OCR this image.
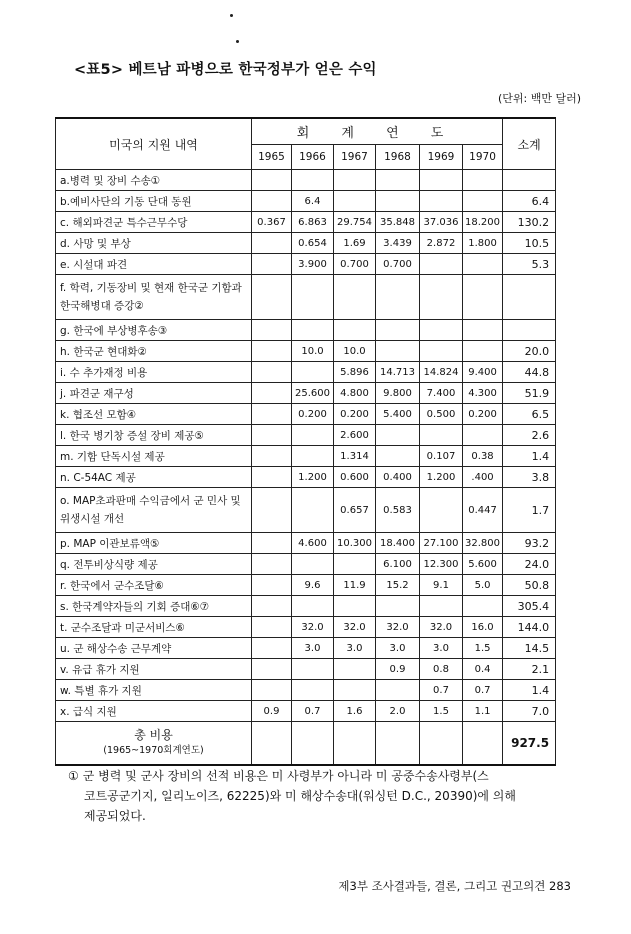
<표5> 베트남 파병으로 한국정부가 얻은 수익
(단위: 백만 달러)
미국의 지원 내역	회 계 연 도						소계
	1965	1966	1967	1968	1969	1970	
a.병력 및 장비 수송①							
b.예비사단의 기동 단대 동원		6.4					6.4
c. 해외파견군 특수근무수당	0.367	6.863	29.754	35.848	37.036	18.200	130.2
d. 사망 및 부상		0.654	1.69	3.439	2.872	1.800	10.5
e. 시설대 파견		3.900	0.700	0.700			5.3
f. 학력, 기동장비 및 현재 한국군 기함과 한국해병대 증강②							
g. 한국에 부상병후송③							
h. 한국군 현대화②		10.0	10.0				20.0
i. 수 추가재정 비용			5.896	14.713	14.824	9.400	44.8
j. 파견군 재구성		25.600	4.800	9.800	7.400	4.300	51.9
k. 협조선 모함④		0.200	0.200	5.400	0.500	0.200	6.5
l. 한국 병기창 증설 장비 제공⑤			2.600				2.6
m. 기함 단독시설 제공			1.314		0.107	0.38	1.4
n. C-54AC 제공		1.200	0.600	0.400	1.200	.400	3.8
o. MAP초과판매 수익금에서 군 민사 및 위생시설 개선			0.657	0.583		0.447	1.7
p. MAP 이관보류액⑤		4.600	10.300	18.400	27.100	32.800	93.2
q. 전투비상식량 제공				6.100	12.300	5.600	24.0
r. 한국에서 군수조달⑥		9.6	11.9	15.2	9.1	5.0	50.8
s. 한국계약자들의 기회 증대⑥⑦							305.4
t. 군수조달과 미군서비스⑥		32.0	32.0	32.0	32.0	16.0	144.0
u. 군 해상수송 근무계약		3.0	3.0	3.0	3.0	1.5	14.5
v. 유급 휴가 지원				0.9	0.8	0.4	2.1
w. 특별 휴가 지원					0.7	0.7	1.4
x. 급식 지원	0.9	0.7	1.6	2.0	1.5	1.1	7.0
총 비용
(1965~1970회계연도)							927.5
① 군 병력 및 군사 장비의 선적 비용은 미 사령부가 아니라 미 공중수송사령부(스
코트공군기지, 일리노이즈, 62225)와 미 해상수송대(워싱턴 D.C., 20390)에 의해
제공되었다.
제3부 조사결과들, 결론, 그리고 권고의견 283
